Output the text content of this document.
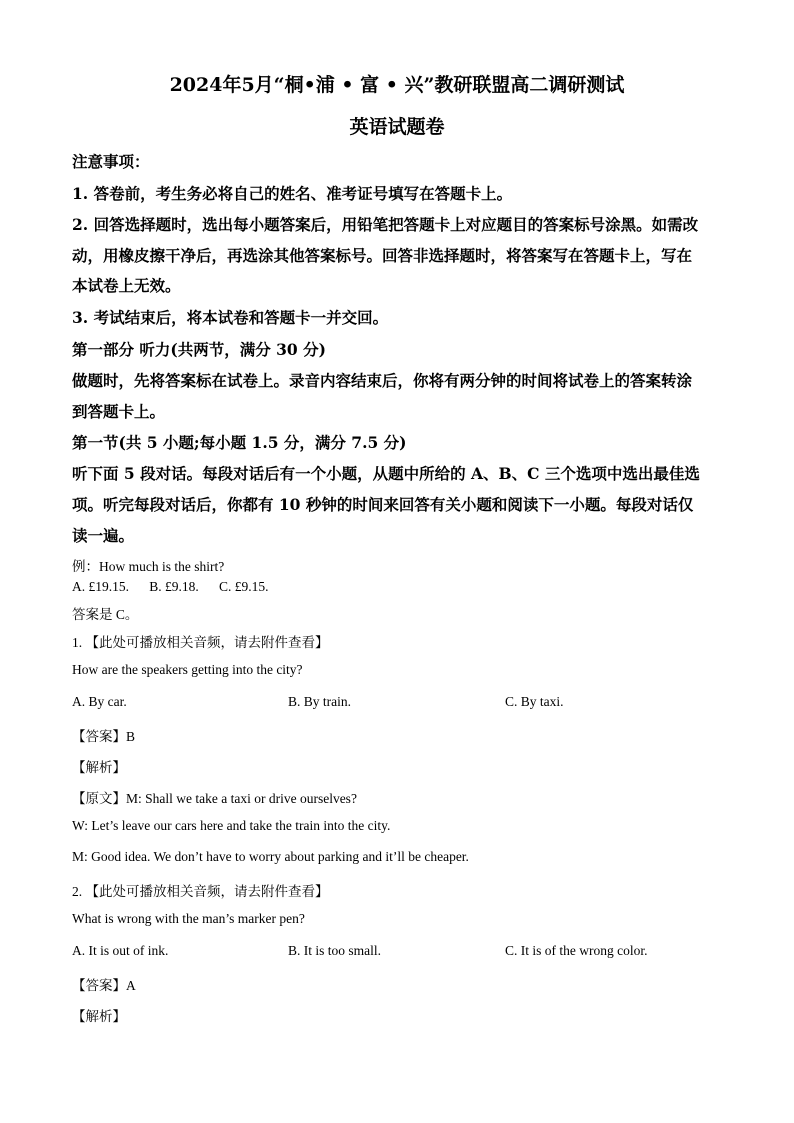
2024年5月“桐•浦 • 富 • 兴”教研联盟高二调研测试
英语试题卷
注意事项：
1. 答卷前，考生务必将自己的姓名、准考证号填写在答题卡上。
2. 回答选择题时，选出每小题答案后，用铅笔把答题卡上对应题目的答案标号涂黑。如需改
动，用橡皮擦干净后，再选涂其他答案标号。回答非选择题时，将答案写在答题卡上，写在
本试卷上无效。
3. 考试结束后，将本试卷和答题卡一并交回。
第一部分 听力(共两节，满分 30 分)
做题时，先将答案标在试卷上。录音内容结束后，你将有两分钟的时间将试卷上的答案转涂
到答题卡上。
第一节(共 5 小题;每小题 1.5 分，满分 7.5 分)
听下面 5 段对话。每段对话后有一个小题，从题中所给的 A、B、C 三个选项中选出最佳选
项。听完每段对话后，你都有 10 秒钟的时间来回答有关小题和阅读下一小题。每段对话仅
读一遍。
例：How much is the shirt?
A. £19.15.      B. £9.18.      C. £9.15.
答案是 C。
1. 【此处可播放相关音频，请去附件查看】
How are the speakers getting into the city?
A. By car.	B. By train.	C. By taxi.
【答案】B
【解析】
【原文】M: Shall we take a taxi or drive ourselves?
W: Let’s leave our cars here and take the train into the city.
M: Good idea. We don’t have to worry about parking and it’ll be cheaper.
2. 【此处可播放相关音频，请去附件查看】
What is wrong with the man’s marker pen?
A. It is out of ink.	B. It is too small.	C. It is of the wrong color.
【答案】A
【解析】
